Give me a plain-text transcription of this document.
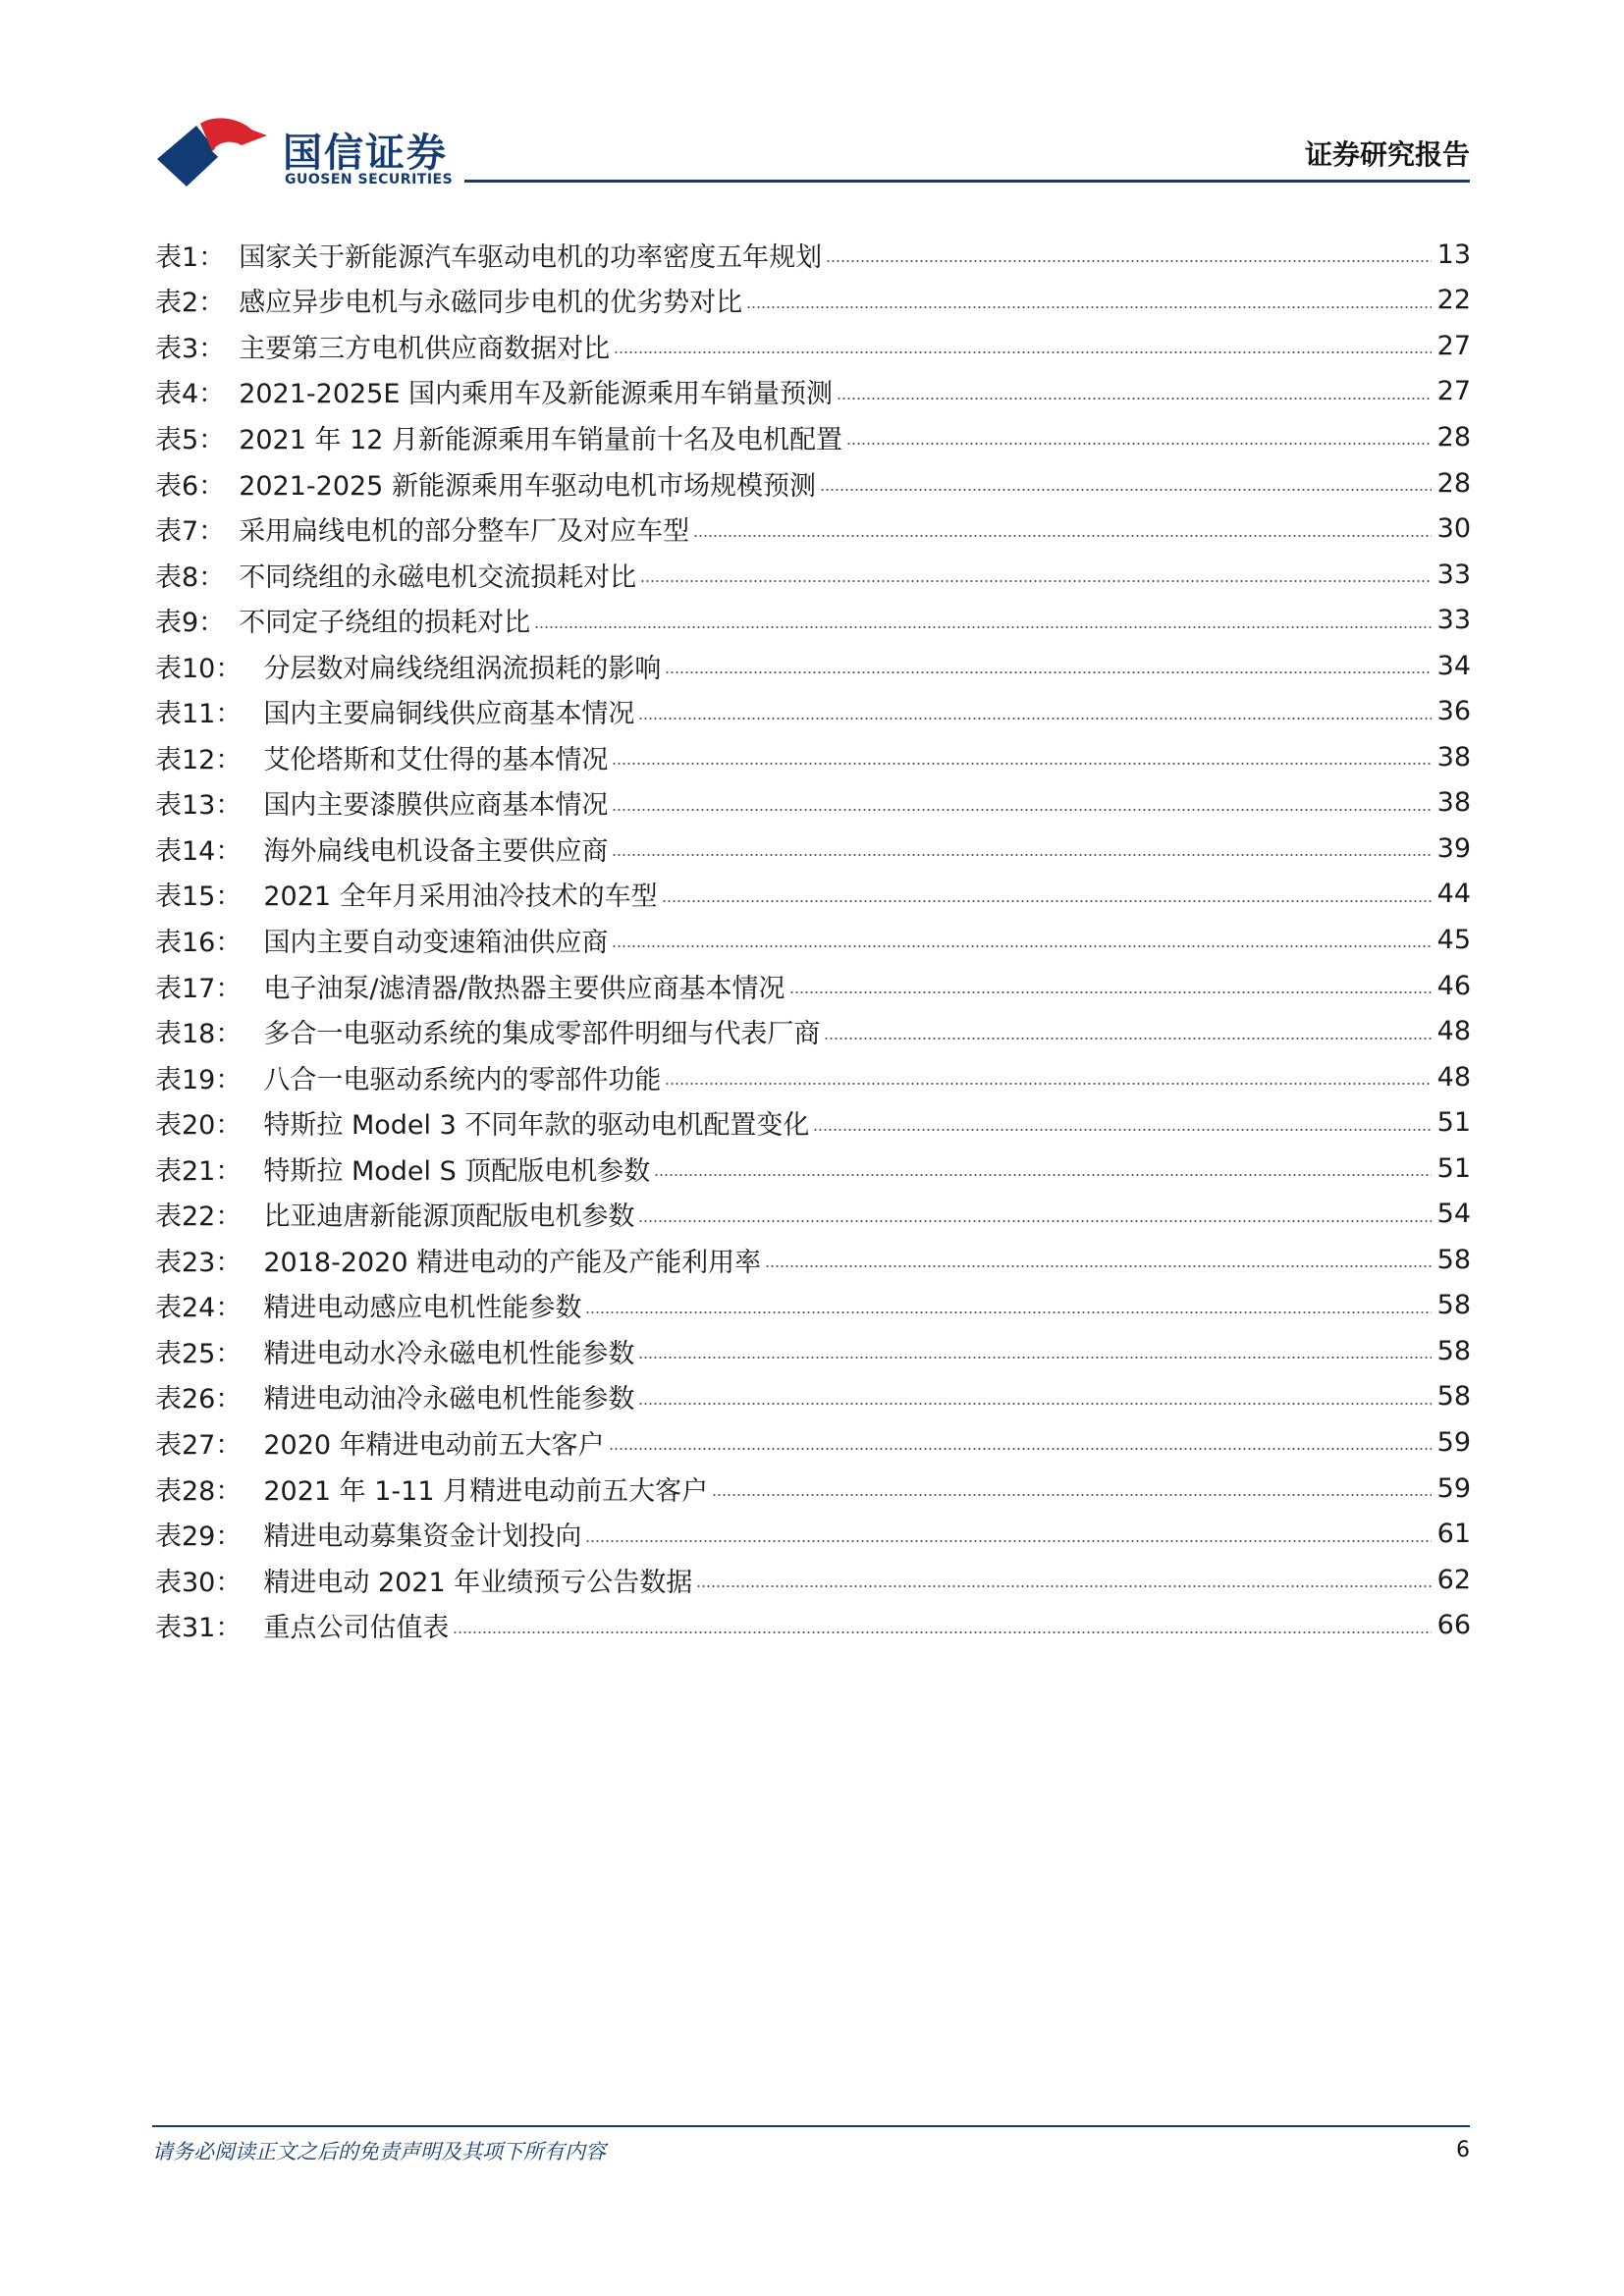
国信证券
GUOSEN SECURITIES
证券研究报告
表1： 国家关于新能源汽车驱动电机的功率密度五年规划	13
表2： 感应异步电机与永磁同步电机的优劣势对比	22
表3： 主要第三方电机供应商数据对比	27
表4： 2021-2025E 国内乘用车及新能源乘用车销量预测	27
表5： 2021 年 12 月新能源乘用车销量前十名及电机配置	28
表6： 2021-2025 新能源乘用车驱动电机市场规模预测	28
表7： 采用扁线电机的部分整车厂及对应车型	30
表8： 不同绕组的永磁电机交流损耗对比	33
表9： 不同定子绕组的损耗对比	33
表10： 分层数对扁线绕组涡流损耗的影响	34
表11： 国内主要扁铜线供应商基本情况	36
表12： 艾伦塔斯和艾仕得的基本情况	38
表13： 国内主要漆膜供应商基本情况	38
表14： 海外扁线电机设备主要供应商	39
表15： 2021 全年月采用油冷技术的车型	44
表16： 国内主要自动变速箱油供应商	45
表17： 电子油泵/滤清器/散热器主要供应商基本情况	46
表18： 多合一电驱动系统的集成零部件明细与代表厂商	48
表19： 八合一电驱动系统内的零部件功能	48
表20： 特斯拉 Model 3 不同年款的驱动电机配置变化	51
表21： 特斯拉 Model S 顶配版电机参数	51
表22： 比亚迪唐新能源顶配版电机参数	54
表23： 2018-2020 精进电动的产能及产能利用率	58
表24： 精进电动感应电机性能参数	58
表25： 精进电动水冷永磁电机性能参数	58
表26： 精进电动油冷永磁电机性能参数	58
表27： 2020 年精进电动前五大客户	59
表28： 2021 年 1-11 月精进电动前五大客户	59
表29： 精进电动募集资金计划投向	61
表30： 精进电动 2021 年业绩预亏公告数据	62
表31： 重点公司估值表	66
请务必阅读正文之后的免责声明及其项下所有内容	6
